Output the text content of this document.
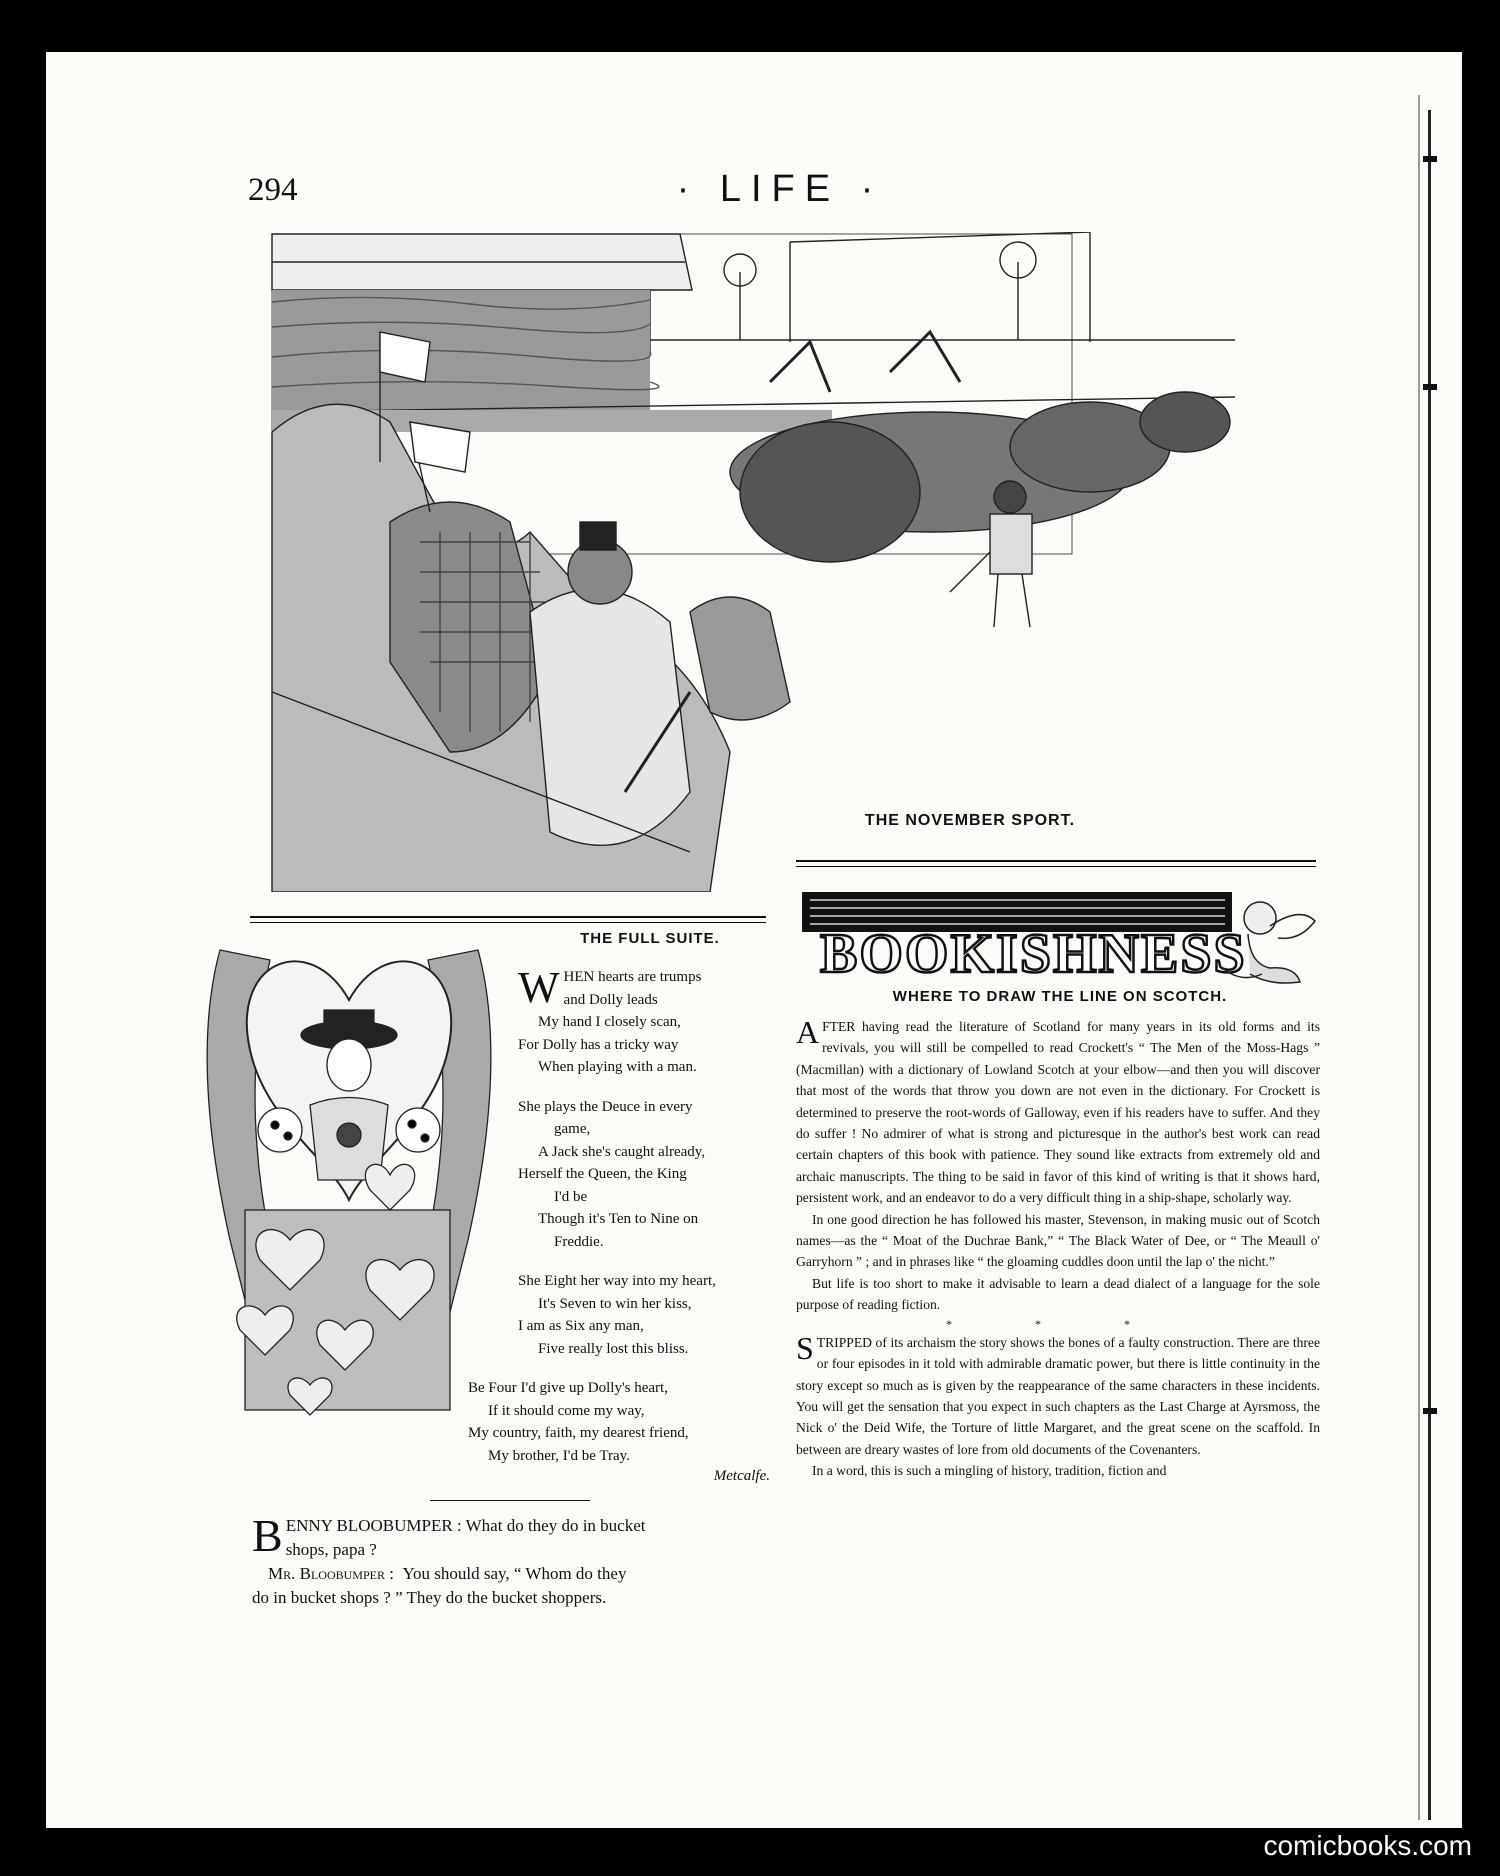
294	· LIFE ·
THE NOVEMBER SPORT.
THE FULL SUITE.
W HEN hearts are trumps
and Dolly leads
My hand I closely scan,
For Dolly has a tricky way
When playing with a man.
She plays the Deuce in every
game,
A Jack she's caught already,
Herself the Queen, the King
I'd be
Though it's Ten to Nine on
Freddie.
She Eight her way into my heart,
It's Seven to win her kiss,
I am as Six any man,
Five really lost this bliss.
Be Four I'd give up Dolly's heart,
If it should come my way,
My country, faith, my dearest friend,
My brother, I'd be Tray.
Metcalfe.

BENNY BLOOBUMPER : What do they do in bucket

shops, papa ?

Mr. Bloobumper : You should say, “ Whom do they

do in bucket shops ? ” They do the bucket shoppers.

BOOKISHNESS
WHERE TO DRAW THE LINE ON SCOTCH.

AFTER having read the literature of Scotland for many years in its old forms and its revivals, you will still be compelled to read Crockett's “ The Men of the Moss-Hags ” (Macmillan) with a dictionary of Lowland Scotch at your elbow—and then you will discover that most of the words that throw you down are not even in the dictionary. For Crockett is determined to preserve the root-words of Galloway, even if his readers have to suffer. And they do suffer ! No admirer of what is strong and picturesque in the author's best work can read certain chapters of this book with patience. They sound like extracts from extremely old and archaic manuscripts. The thing to be said in favor of this kind of writing is that it shows hard, persistent work, and an endeavor to do a very difficult thing in a ship-shape, scholarly way.

In one good direction he has followed his master, Stevenson, in making music out of Scotch names—as the “ Moat of the Duchrae Bank,” “ The Black Water of Dee, or “ The Meaull o' Garryhorn ” ; and in phrases like “ the gloaming cuddles doon until the lap o' the nicht.”

But life is too short to make it advisable to learn a dead dialect of a language for the sole purpose of reading fiction.

* * *

STRIPPED of its archaism the story shows the bones of a faulty construction. There are three or four episodes in it told with admirable dramatic power, but there is little continuity in the story except so much as is given by the reappearance of the same characters in these incidents. You will get the sensation that you expect in such chapters as the Last Charge at Ayrsmoss, the Nick o' the Deid Wife, the Torture of little Margaret, and the great scene on the scaffold. In between are dreary wastes of lore from old documents of the Covenanters.

In a word, this is such a mingling of history, tradition, fiction and

comicbooks.com
